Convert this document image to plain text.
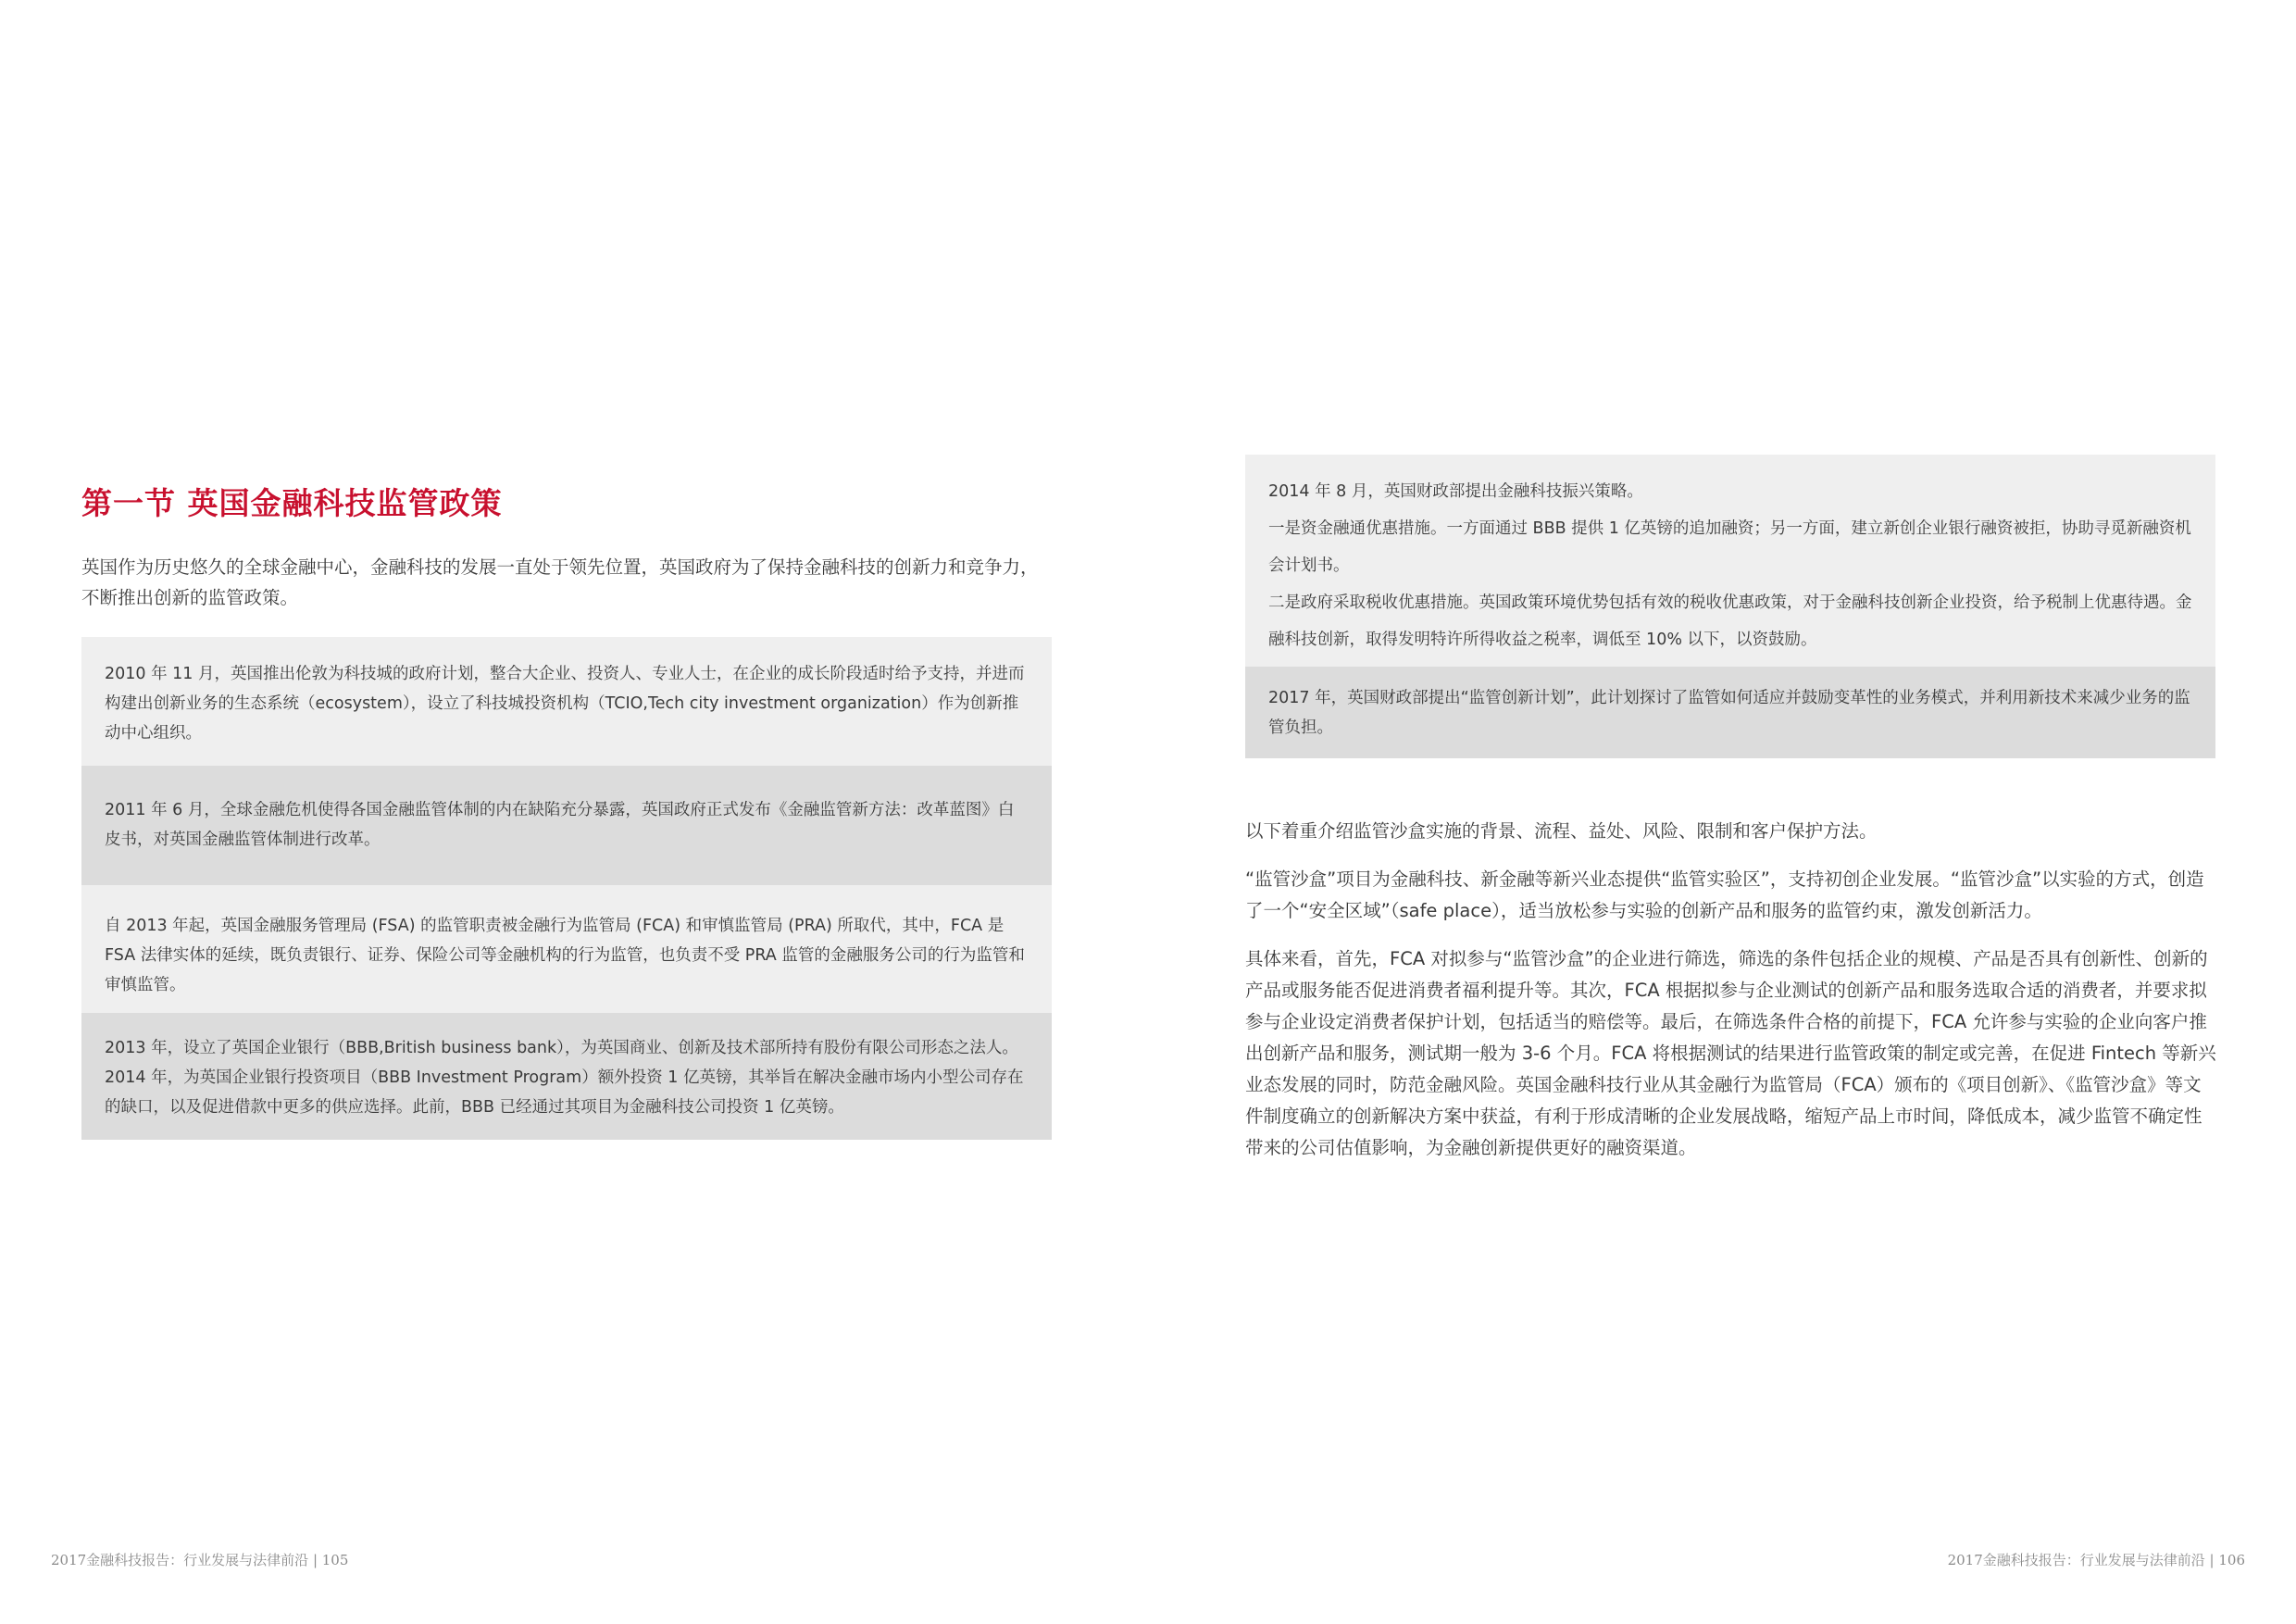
第一节 英国金融科技监管政策

英国作为历史悠久的全球金融中心，金融科技的发展一直处于领先位置，英国政府为了保持金融科技的创新力和竞争力，不断推出创新的监管政策。

2010 年 11 月，英国推出伦敦为科技城的政府计划，整合大企业、投资人、专业人士，在企业的成长阶段适时给予支持，并进而构建出创新业务的生态系统（ecosystem），设立了科技城投资机构（TCIO,Tech city investment organization）作为创新推动中心组织。
2011 年 6 月，全球金融危机使得各国金融监管体制的内在缺陷充分暴露，英国政府正式发布《金融监管新方法：改革蓝图》白皮书，对英国金融监管体制进行改革。
自 2013 年起，英国金融服务管理局 (FSA) 的监管职责被金融行为监管局 (FCA) 和审慎监管局 (PRA) 所取代，其中，FCA 是 FSA 法律实体的延续，既负责银行、证券、保险公司等金融机构的行为监管，也负责不受 PRA 监管的金融服务公司的行为监管和审慎监管。
2013 年，设立了英国企业银行（BBB,British business bank），为英国商业、创新及技术部所持有股份有限公司形态之法人。2014 年，为英国企业银行投资项目（BBB Investment Program）额外投资 1 亿英镑，其举旨在解决金融市场内小型公司存在的缺口，以及促进借款中更多的供应选择。此前，BBB 已经通过其项目为金融科技公司投资 1 亿英镑。
2017金融科技报告：行业发展与法律前沿 | 105

2014 年 8 月，英国财政部提出金融科技振兴策略。

一是资金融通优惠措施。一方面通过 BBB 提供 1 亿英镑的追加融资；另一方面，建立新创企业银行融资被拒，协助寻觅新融资机会计划书。

二是政府采取税收优惠措施。英国政策环境优势包括有效的税收优惠政策，对于金融科技创新企业投资，给予税制上优惠待遇。金融科技创新，取得发明特许所得收益之税率，调低至 10% 以下，以资鼓励。

2017 年，英国财政部提出“监管创新计划”，此计划探讨了监管如何适应并鼓励变革性的业务模式，并利用新技术来减少业务的监管负担。

以下着重介绍监管沙盒实施的背景、流程、益处、风险、限制和客户保护方法。

“监管沙盒”项目为金融科技、新金融等新兴业态提供“监管实验区”，支持初创企业发展。“监管沙盒”以实验的方式，创造了一个“安全区域”（safe place），适当放松参与实验的创新产品和服务的监管约束，激发创新活力。

具体来看，首先，FCA 对拟参与“监管沙盒”的企业进行筛选，筛选的条件包括企业的规模、产品是否具有创新性、创新的产品或服务能否促进消费者福利提升等。其次，FCA 根据拟参与企业测试的创新产品和服务选取合适的消费者，并要求拟参与企业设定消费者保护计划，包括适当的赔偿等。最后，在筛选条件合格的前提下，FCA 允许参与实验的企业向客户推出创新产品和服务，测试期一般为 3-6 个月。FCA 将根据测试的结果进行监管政策的制定或完善，在促进 Fintech 等新兴业态发展的同时，防范金融风险。英国金融科技行业从其金融行为监管局（FCA）颁布的《项目创新》、《监管沙盒》等文件制度确立的创新解决方案中获益，有利于形成清晰的企业发展战略，缩短产品上市时间，降低成本，减少监管不确定性带来的公司估值影响，为金融创新提供更好的融资渠道。

2017金融科技报告：行业发展与法律前沿 | 106
